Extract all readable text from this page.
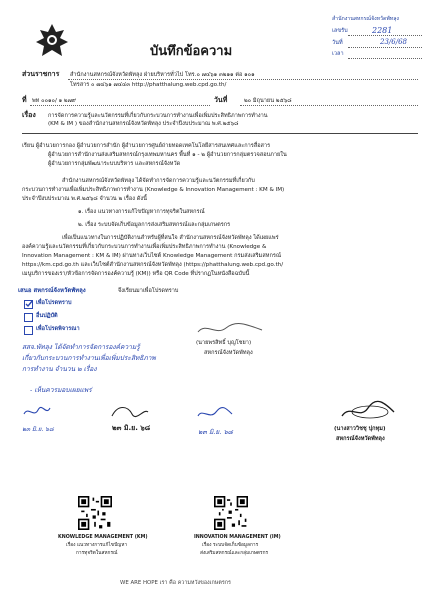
สำนักงานสหกรณ์จังหวัดพัทลุง
เลขรับ	2281
วันที่	23/6/68
เวลา
บันทึกข้อความ
ส่วนราชการ สำนักงานสหกรณ์จังหวัดพัทลุง ฝ่ายบริหารทั่วไป โทร.๐ ๗๔๖๑ ๓๒๑๑ ต่อ ๑๐๑
โทรสาร ๐ ๗๔๖๑ ๗๔๔๓ http://phatthalung.web.cpd.go.th/
ที่ พท ๐๐๑๐/ ๑ ๒๗๙	วันที่	๒๐ มิถุนายน ๒๕๖๘
เรื่อง การจัดการความรู้และนวัตกรรมที่เกี่ยวกับกระบวนการทำงานเพื่อเพิ่มประสิทธิภาพการทำงาน
(KM & IM ) ของสำนักงานสหกรณ์จังหวัดพัทลุง ประจำปีงบประมาณ พ.ศ.๒๕๖๘
เรียน ผู้อำนวยการกอง ผู้อำนวยการสำนัก ผู้อำนวยการศูนย์ถ่ายทอดเทคโนโลยีสารสนเทศและการสื่อสาร
ผู้อำนวยการสำนักงานส่งเสริมสหกรณ์กรุงเทพมหานคร พื้นที่ ๑ - ๒ ผู้อำนวยการกลุ่มตรวจสอบภายใน
ผู้อำนวยการกลุ่มพัฒนาระบบบริหาร และสหกรณ์จังหวัด
สำนักงานสหกรณ์จังหวัดพัทลุง ได้จัดทำการจัดการความรู้และนวัตกรรมที่เกี่ยวกับ
กระบวนการทำงานเพื่อเพิ่มประสิทธิภาพการทำงาน (Knowledge & Innovation Management : KM & IM)
ประจำปีงบประมาณ พ.ศ.๒๕๖๘ จำนวน ๒ เรื่อง ดังนี้
๑. เรื่อง แนวทางการแก้ไขปัญหาการทุจริตในสหกรณ์
๒. เรื่อง ระบบจัดเก็บข้อมูลการส่งเสริมสหกรณ์และกลุ่มเกษตรกร
เพื่อเป็นแนวทางในการปฏิบัติงานสำหรับผู้ที่สนใจ สำนักงานสหกรณ์จังหวัดพัทลุง ได้เผยแพร่
องค์ความรู้และนวัตกรรมที่เกี่ยวกับกระบวนการทำงานเพื่อเพิ่มประสิทธิภาพการทำงาน (Knowledge &
Innovation Management : KM & IM) ผ่านทางเว็บไซต์ Knowledge Management กรมส่งเสริมสหกรณ์
https://km.cpd.go.th และเว็บไซต์สำนักงานสหกรณ์จังหวัดพัทลุง (https://phatthalung.web.cpd.go.th/
เมนูบริการของเรา/หัวข้อการจัดการองค์ความรู้ (KM)) หรือ QR Code ที่ปรากฏในหนังสือฉบับนี้
เสนอ สหกรณ์จังหวัดพัทลุง	จึงเรียนมาเพื่อโปรดทราบ
เพื่อโปรดทราบ
อื่นปฏิบัติ
เพื่อโปรดพิจารณา
สสจ.พัทลุง ได้จัดทำการจัดการองค์ความรู้
เกี่ยวกับกระบวนการทำงานเพื่อเพิ่มประสิทธิภาพ
การทำงาน จำนวน ๒ เรื่อง
- เห็นควรมอบเผยแพร่
(นายพรสิทธิ์ บุญโชยา)
สหกรณ์จังหวัดพัทลุง
๒๓ มิ.ย. ๖๘	๒๓ มิ.ย. ๖๘	๒๓ มิ.ย. ๖๘	(นางสาววิชชุ ปุกทุม)
สหกรณ์จังหวัดพัทลุง
KNOWLEDGE MANAGEMENT (KM)
เรื่อง แนวทางการแก้ไขปัญหา
การทุจริตในสหกรณ์
INNOVATION MANAGEMENT (IM)
เรื่อง ระบบจัดเก็บข้อมูลการ
ส่งเสริมสหกรณ์และกลุ่มเกษตรกร
WE ARE HOPE เรา คือ ความหวังของเกษตรกร
